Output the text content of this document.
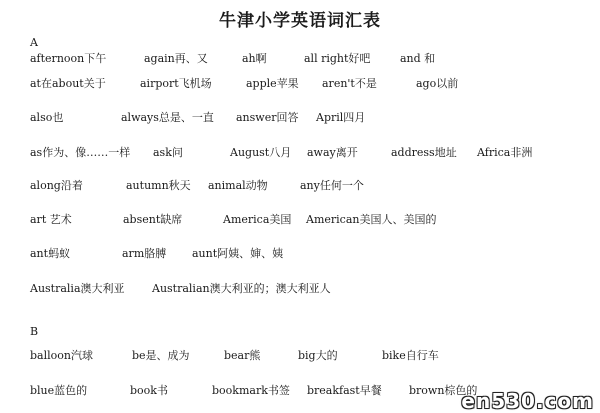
牛津小学英语词汇表
A
afternoon下午	again再、又	ah啊	all right好吧	and 和
at在about关于	airport飞机场	apple苹果 aren't不是	ago以前
also也	always总是、一直 answer回答 April四月
as作为、像……一样 ask问	August八月 away离开	address地址 Africa非洲
along沿着	autumn秋天 animal动物	any任何一个
art 艺术	absent缺席	America美国 American美国人、美国的
ant蚂蚁	arm胳膊 aunt阿姨、婶、姨
Australia澳大利亚 Australian澳大利亚的；澳大利亚人
B
balloon汽球	be是、成为	bear熊	big大的	bike自行车
blue蓝色的	book书	bookmark书签 breakfast早餐 brown棕色的
en530.com
